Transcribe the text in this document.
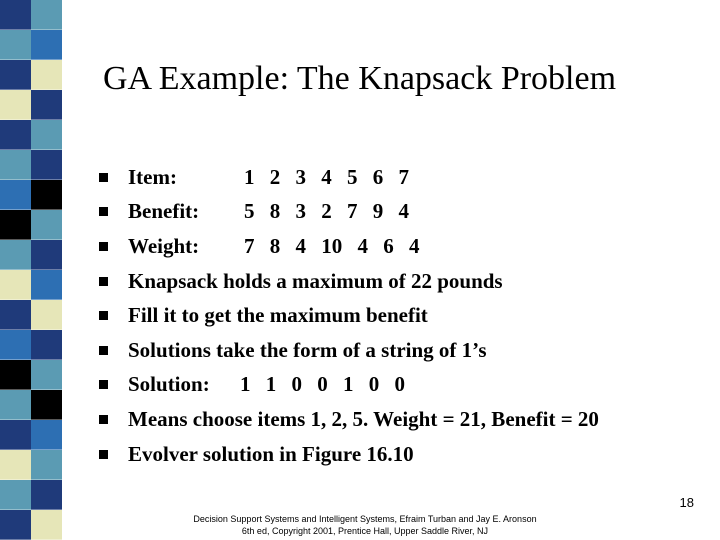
GA Example: The Knapsack Problem
Item:	1 2 3 4 5 6 7
Benefit:	5 8 3 2 7 9 4
Weight:	7 8 4 10 4 6 4
Knapsack holds a maximum of 22 pounds
Fill it to get the maximum benefit
Solutions take the form of a string of 1’s
Solution:	1 1 0 0 1 0 0
Means choose items 1, 2, 5. Weight = 21, Benefit = 20
Evolver solution in Figure 16.10
18
Decision Support Systems and Intelligent Systems, Efraim Turban and Jay E. Aronson
6th ed, Copyright 2001, Prentice Hall, Upper Saddle River, NJ
